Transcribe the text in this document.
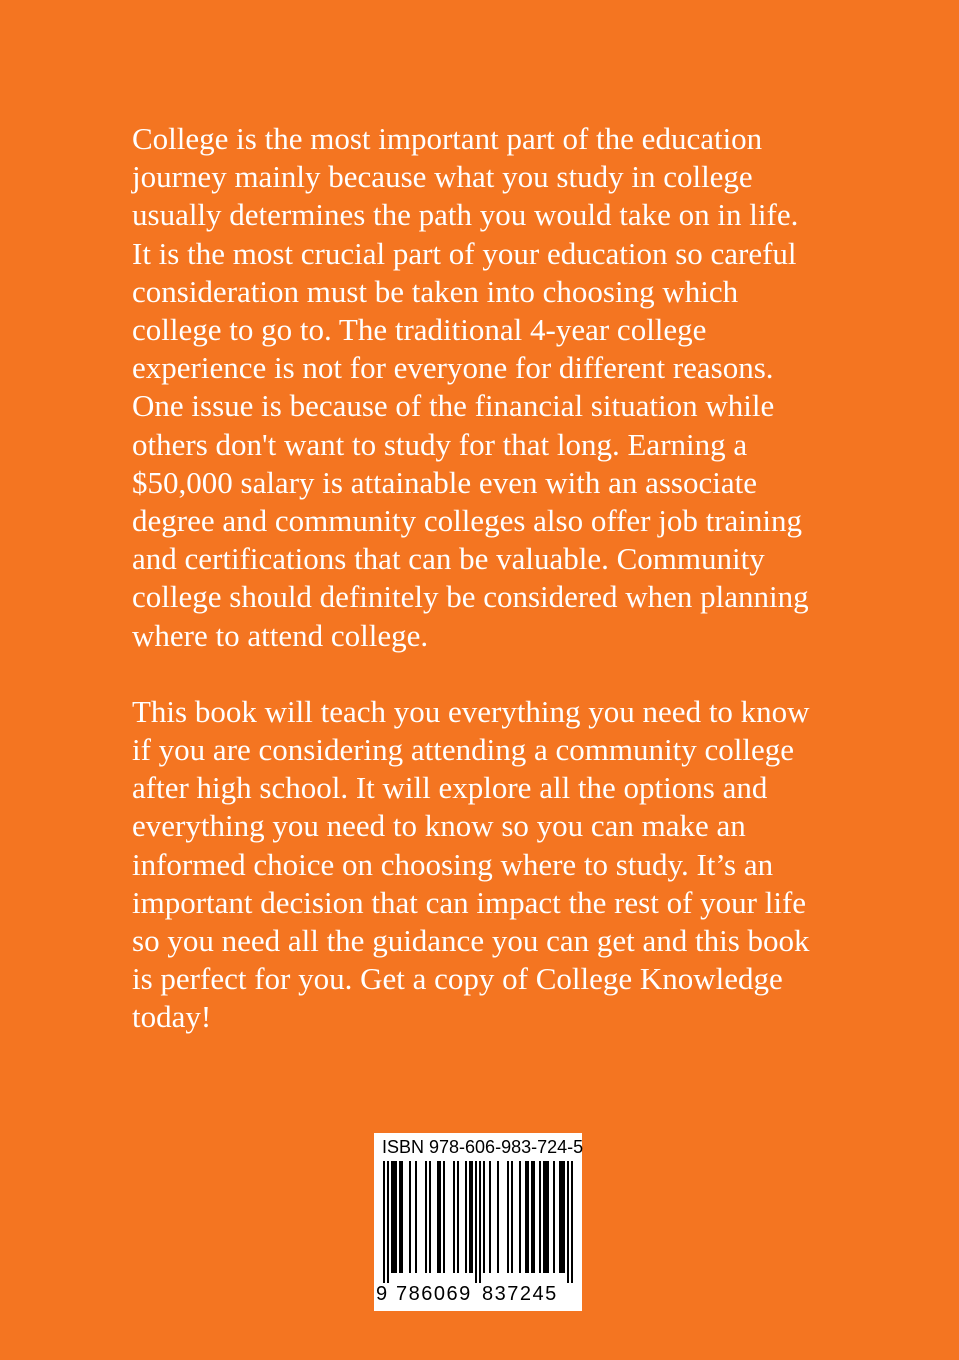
College is the most important part of the education
journey mainly because what you study in college
usually determines the path you would take on in life.
It is the most crucial part of your education so careful
consideration must be taken into choosing which
college to go to. The traditional 4-year college
experience is not for everyone for different reasons.
One issue is because of the financial situation while
others don't want to study for that long. Earning a
$50,000 salary is attainable even with an associate
degree and community colleges also offer job training
and certifications that can be valuable. Community
college should definitely be considered when planning
where to attend college.

This book will teach you everything you need to know
if you are considering attending a community college
after high school. It will explore all the options and
everything you need to know so you can make an
informed choice on choosing where to study. It’s an
important decision that can impact the rest of your life
so you need all the guidance you can get and this book
is perfect for you. Get a copy of College Knowledge
today!

ISBN 978-606-983-724-5
9 786069 837245
